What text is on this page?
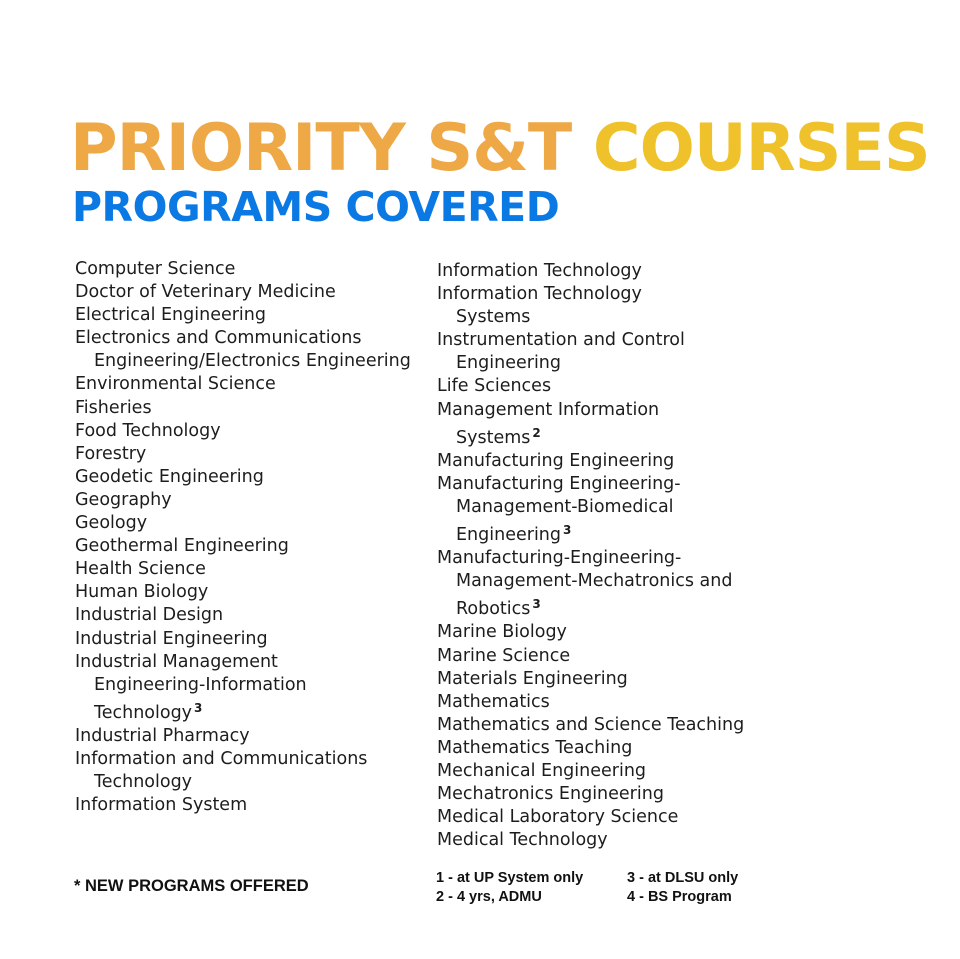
PRIORITY S&T COURSES
PROGRAMS COVERED
Computer Science
Doctor of Veterinary Medicine
Electrical Engineering
Electronics and Communications Engineering/Electronics Engineering
Environmental Science
Fisheries
Food Technology
Forestry
Geodetic Engineering
Geography
Geology
Geothermal Engineering
Health Science
Human Biology
Industrial Design
Industrial Engineering
Industrial Management Engineering-Information Technology $^3$
Industrial Pharmacy
Information and Communications Technology
Information System
Information Technology
Information Technology Systems
Instrumentation and Control Engineering
Life Sciences
Management Information Systems $^2$
Manufacturing Engineering
Manufacturing Engineering-Management-Biomedical Engineering $^3$
Manufacturing-Engineering-Management-Mechatronics and Robotics $^3$
Marine Biology
Marine Science
Materials Engineering
Mathematics
Mathematics and Science Teaching
Mathematics Teaching
Mechanical Engineering
Mechatronics Engineering
Medical Laboratory Science
Medical Technology

* NEW PROGRAMS OFFERED	1 - at UP System only	3 - at DLSU only
2 - 4 yrs, ADMU	4 - BS Program
